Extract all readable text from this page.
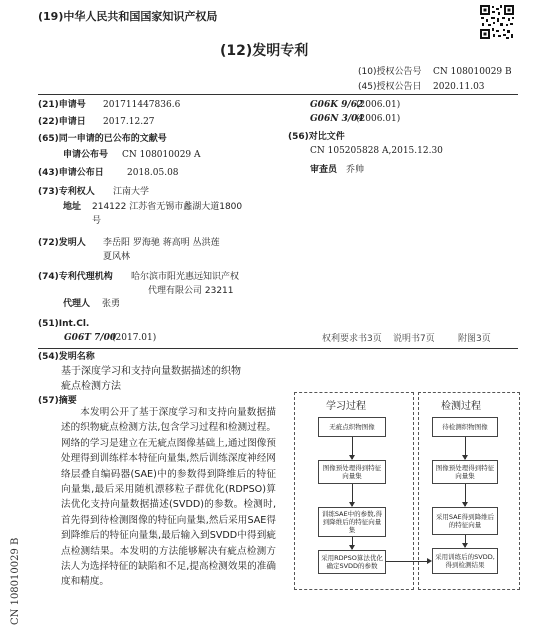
(19)中华人民共和国国家知识产权局
(12)发明专利
(10)授权公告号 CN 108010029 B
(45)授权公告日 2020.11.03
(21)申请号 201711447836.6
(22)申请日 2017.12.27
(65)同一申请的已公布的文献号
申请公布号 CN 108010029 A
(43)申请公布日	2018.05.08
(73)专利权人 江南大学
地址 214122 江苏省无锡市蠡湖大道1800
号
(72)发明人 李岳阳 罗海驰 蒋高明 丛洪莲
夏风林
(74)专利代理机构 哈尔滨市阳光惠远知识产权
代理有限公司 23211
代理人 张勇
(51)Int.Cl.
G06T 7/00
(2017.01)
G06K 9/62
(2006.01)
G06N 3/04
(2006.01)
(56)对比文件
CN 105205828 A,2015.12.30
审查员 乔帅
权利要求书3页 说明书7页	附图3页
(54)发明名称
基于深度学习和支持向量数据描述的织物
疵点检测方法
(57)摘要

本发明公开了基于深度学习和支持向量数据描述的织物疵点检测方法,包含学习过程和检测过程。网络的学习是建立在无疵点图像基础上,通过图像预处理得到训练样本特征向量集,然后训练深度神经网络层叠自编码器(SAE)中的参数得到降维后的特征向量集,最后采用随机漂移粒子群优化(RDPSO)算法优化支持向量数据描述(SVDD)的参数。检测时,首先得到待检测图像的特征向量集,然后采用SAE得到降维后的特征向量集,最后输入到SVDD中得到疵点检测结果。本发明的方法能够解决有疵点检测方法人为选择特征的缺陷和不足,提高检测效果的准确度和精度。

学习过程	检测过程
无疵点织物图像
图像预处理得到特征向量集
训练SAE中的参数,得到降维后的特征向量集
采用RDPSO算法优化确定SVDD的参数
待检测织物图像
图像预处理得到特征向量集
采用SAE得到降维后的特征向量
采用训练后的SVDD,得到检测结果
CN 108010029 B
